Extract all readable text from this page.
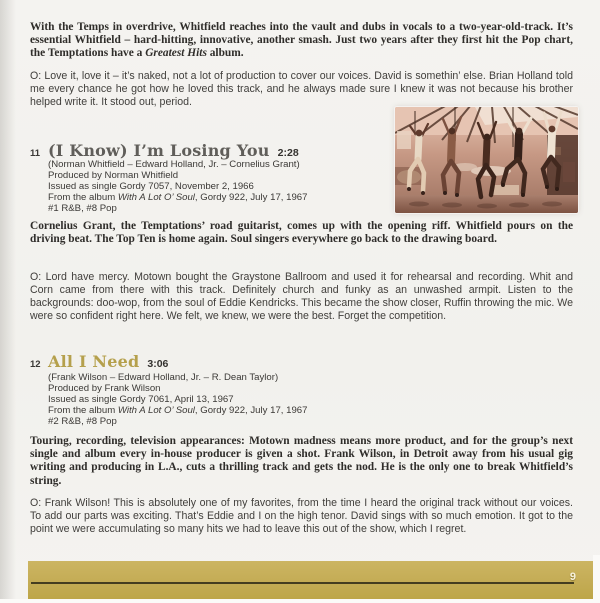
With the Temps in overdrive, Whitfield reaches into the vault and dubs in vocals to a two-year-old-track. It’s essential Whitfield – hard-hitting, innovative, another smash. Just two years after they first hit the Pop chart, the Temptations have a Greatest Hits album.

O: Love it, love it – it’s naked, not a lot of production to cover our voices. David is somethin’ else. Brian Holland told me every chance he got how he loved this track, and he always made sure I knew it was not because his brother helped write it. It stood out, period.

11 (I Know) I’m Losing You 2:28
(Norman Whitfield – Edward Holland, Jr. – Cornelius Grant)
Produced by Norman Whitfield
Issued as single Gordy 7057, November 2, 1966
From the album With A Lot O’ Soul, Gordy 922, July 17, 1967
#1 R&B, #8 Pop

Cornelius Grant, the Temptations’ road guitarist, comes up with the opening riff. Whitfield pours on the driving beat. The Top Ten is home again. Soul singers everywhere go back to the drawing board.

O: Lord have mercy. Motown bought the Graystone Ballroom and used it for rehearsal and recording. Whit and Corn came from there with this track. Definitely church and funky as an unwashed armpit. Listen to the backgrounds: doo-wop, from the soul of Eddie Kendricks. This became the show closer, Ruffin throwing the mic. We were so confident right here. We felt, we knew, we were the best. Forget the competition.

12 All I Need 3:06
(Frank Wilson – Edward Holland, Jr. – R. Dean Taylor)
Produced by Frank Wilson
Issued as single Gordy 7061, April 13, 1967
From the album With A Lot O’ Soul, Gordy 922, July 17, 1967
#2 R&B, #8 Pop

Touring, recording, television appearances: Motown madness means more product, and for the group’s next single and album every in-house producer is given a shot. Frank Wilson, in Detroit away from his usual gig writing and producing in L.A., cuts a thrilling track and gets the nod. He is the only one to break Whitfield’s string.

O: Frank Wilson! This is absolutely one of my favorites, from the time I heard the original track without our voices. To add our parts was exciting. That’s Eddie and I on the high tenor. David sings with so much emotion. It got to the point we were accumulating so many hits we had to leave this out of the show, which I regret.

9
